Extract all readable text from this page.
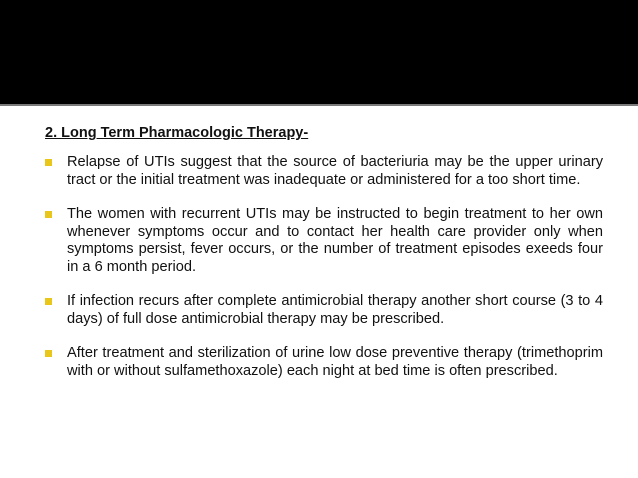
2. Long Term Pharmacologic Therapy-
Relapse of UTIs suggest that the source of bacteriuria may be the upper urinary tract or the initial treatment was inadequate or administered for a too short time.
The women with recurrent UTIs may be instructed to begin treatment to her own whenever symptoms occur and to contact her health care provider only when symptoms persist, fever occurs, or the number of treatment episodes exeeds four in a 6 month period.
If infection recurs after complete antimicrobial therapy another short course (3 to 4 days) of full dose antimicrobial therapy may be prescribed.
After treatment and sterilization of urine low dose preventive therapy (trimethoprim with or without sulfamethoxazole) each night at bed time is often prescribed.
